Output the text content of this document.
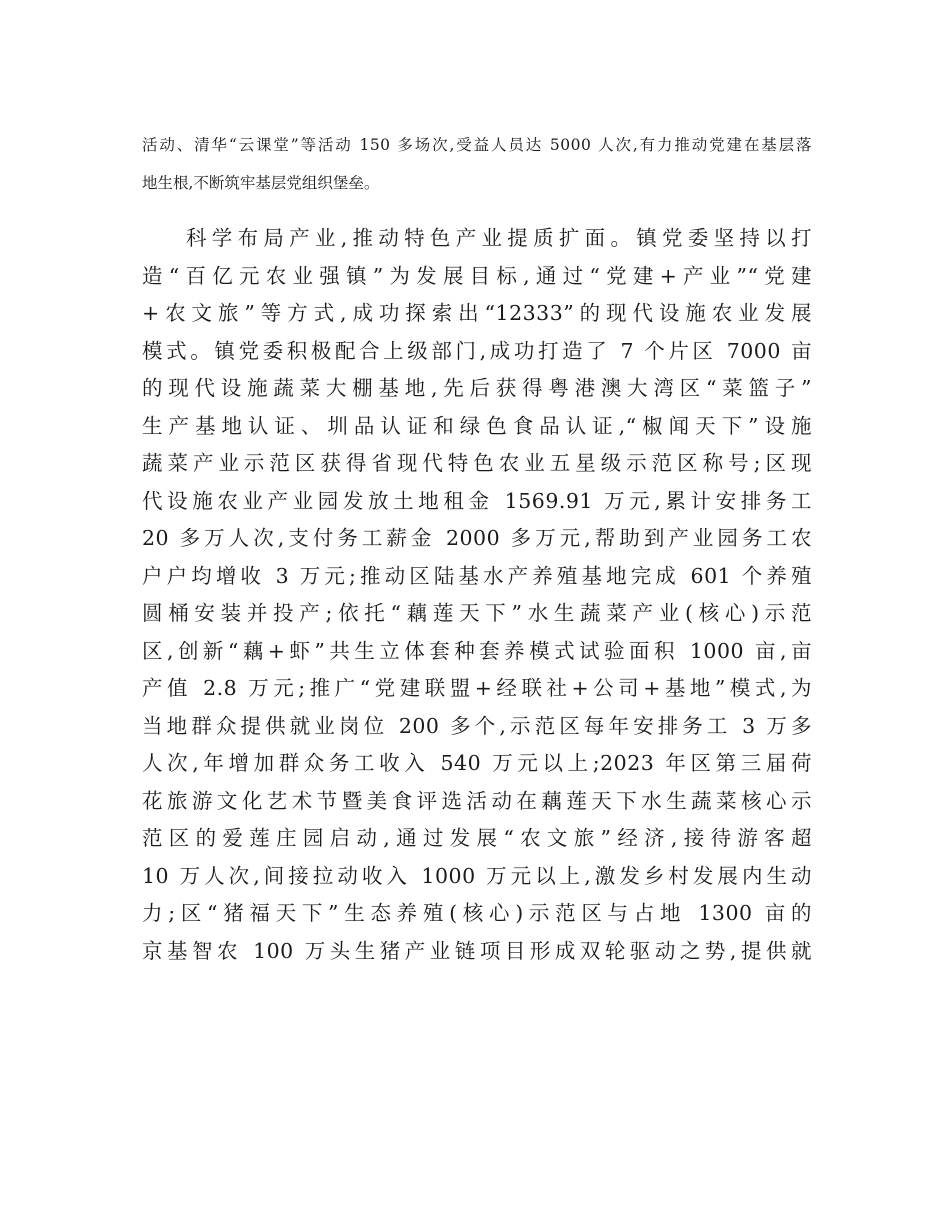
活动、清华“云课堂”等活动 150 多场次,受益人员达 5000 人次,有力推动党建在基层落

地生根,不断筑牢基层党组织堡垒。

科学布局产业,推动特色产业提质扩面。镇党委坚持以打
造“百亿元农业强镇”为发展目标,通过“党建+产业”“党建
+农文旅”等方式,成功探索出“12333”的现代设施农业发展
模式。镇党委积极配合上级部门,成功打造了 7 个片区 7000 亩
的现代设施蔬菜大棚基地,先后获得粤港澳大湾区“菜篮子”
生产基地认证、圳品认证和绿色食品认证,“椒闻天下”设施
蔬菜产业示范区获得省现代特色农业五星级示范区称号;区现
代设施农业产业园发放土地租金 1569.91 万元,累计安排务工
20 多万人次,支付务工薪金 2000 多万元,帮助到产业园务工农
户户均增收 3 万元;推动区陆基水产养殖基地完成 601 个养殖
圆桶安装并投产;依托“藕莲天下”水生蔬菜产业(核心)示范
区,创新“藕+虾”共生立体套种套养模式试验面积 1000 亩,亩
产值 2.8 万元;推广“党建联盟+经联社+公司+基地”模式,为
当地群众提供就业岗位 200 多个,示范区每年安排务工 3 万多
人次,年增加群众务工收入 540 万元以上;2023 年区第三届荷
花旅游文化艺术节暨美食评选活动在藕莲天下水生蔬菜核心示
范区的爱莲庄园启动,通过发展“农文旅”经济,接待游客超
10 万人次,间接拉动收入 1000 万元以上,激发乡村发展内生动
力;区“猪福天下”生态养殖(核心)示范区与占地 1300 亩的
京基智农 100 万头生猪产业链项目形成双轮驱动之势,提供就
